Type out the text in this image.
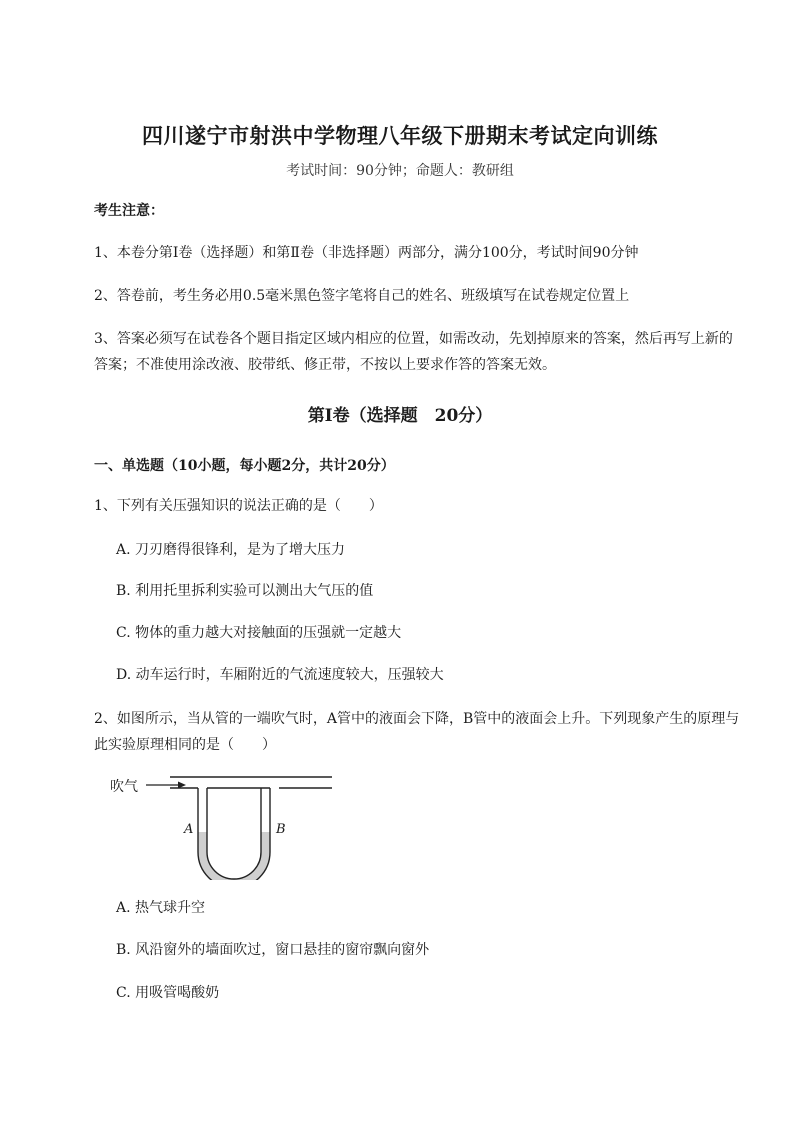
四川遂宁市射洪中学物理八年级下册期末考试定向训练
考试时间：90分钟；命题人：教研组
考生注意：
1、本卷分第Ⅰ卷（选择题）和第Ⅱ卷（非选择题）两部分，满分100分，考试时间90分钟
2、答卷前，考生务必用0.5毫米黑色签字笔将自己的姓名、班级填写在试卷规定位置上
3、答案必须写在试卷各个题目指定区域内相应的位置，如需改动，先划掉原来的答案，然后再写上新的答案；不准使用涂改液、胶带纸、修正带，不按以上要求作答的答案无效。
第Ⅰ卷（选择题　20分）
一、单选题（10小题，每小题2分，共计20分）
1、下列有关压强知识的说法正确的是（　　）
A. 刀刃磨得很锋利，是为了增大压力
B. 利用托里拆利实验可以测出大气压的值
C. 物体的重力越大对接触面的压强就一定越大
D. 动车运行时，车厢附近的气流速度较大，压强较大
2、如图所示，当从管的一端吹气时，A管中的液面会下降，B管中的液面会上升。下列现象产生的原理与此实验原理相同的是（　　）
吹气
A	B
A. 热气球升空
B. 风沿窗外的墙面吹过，窗口悬挂的窗帘飘向窗外
C. 用吸管喝酸奶
